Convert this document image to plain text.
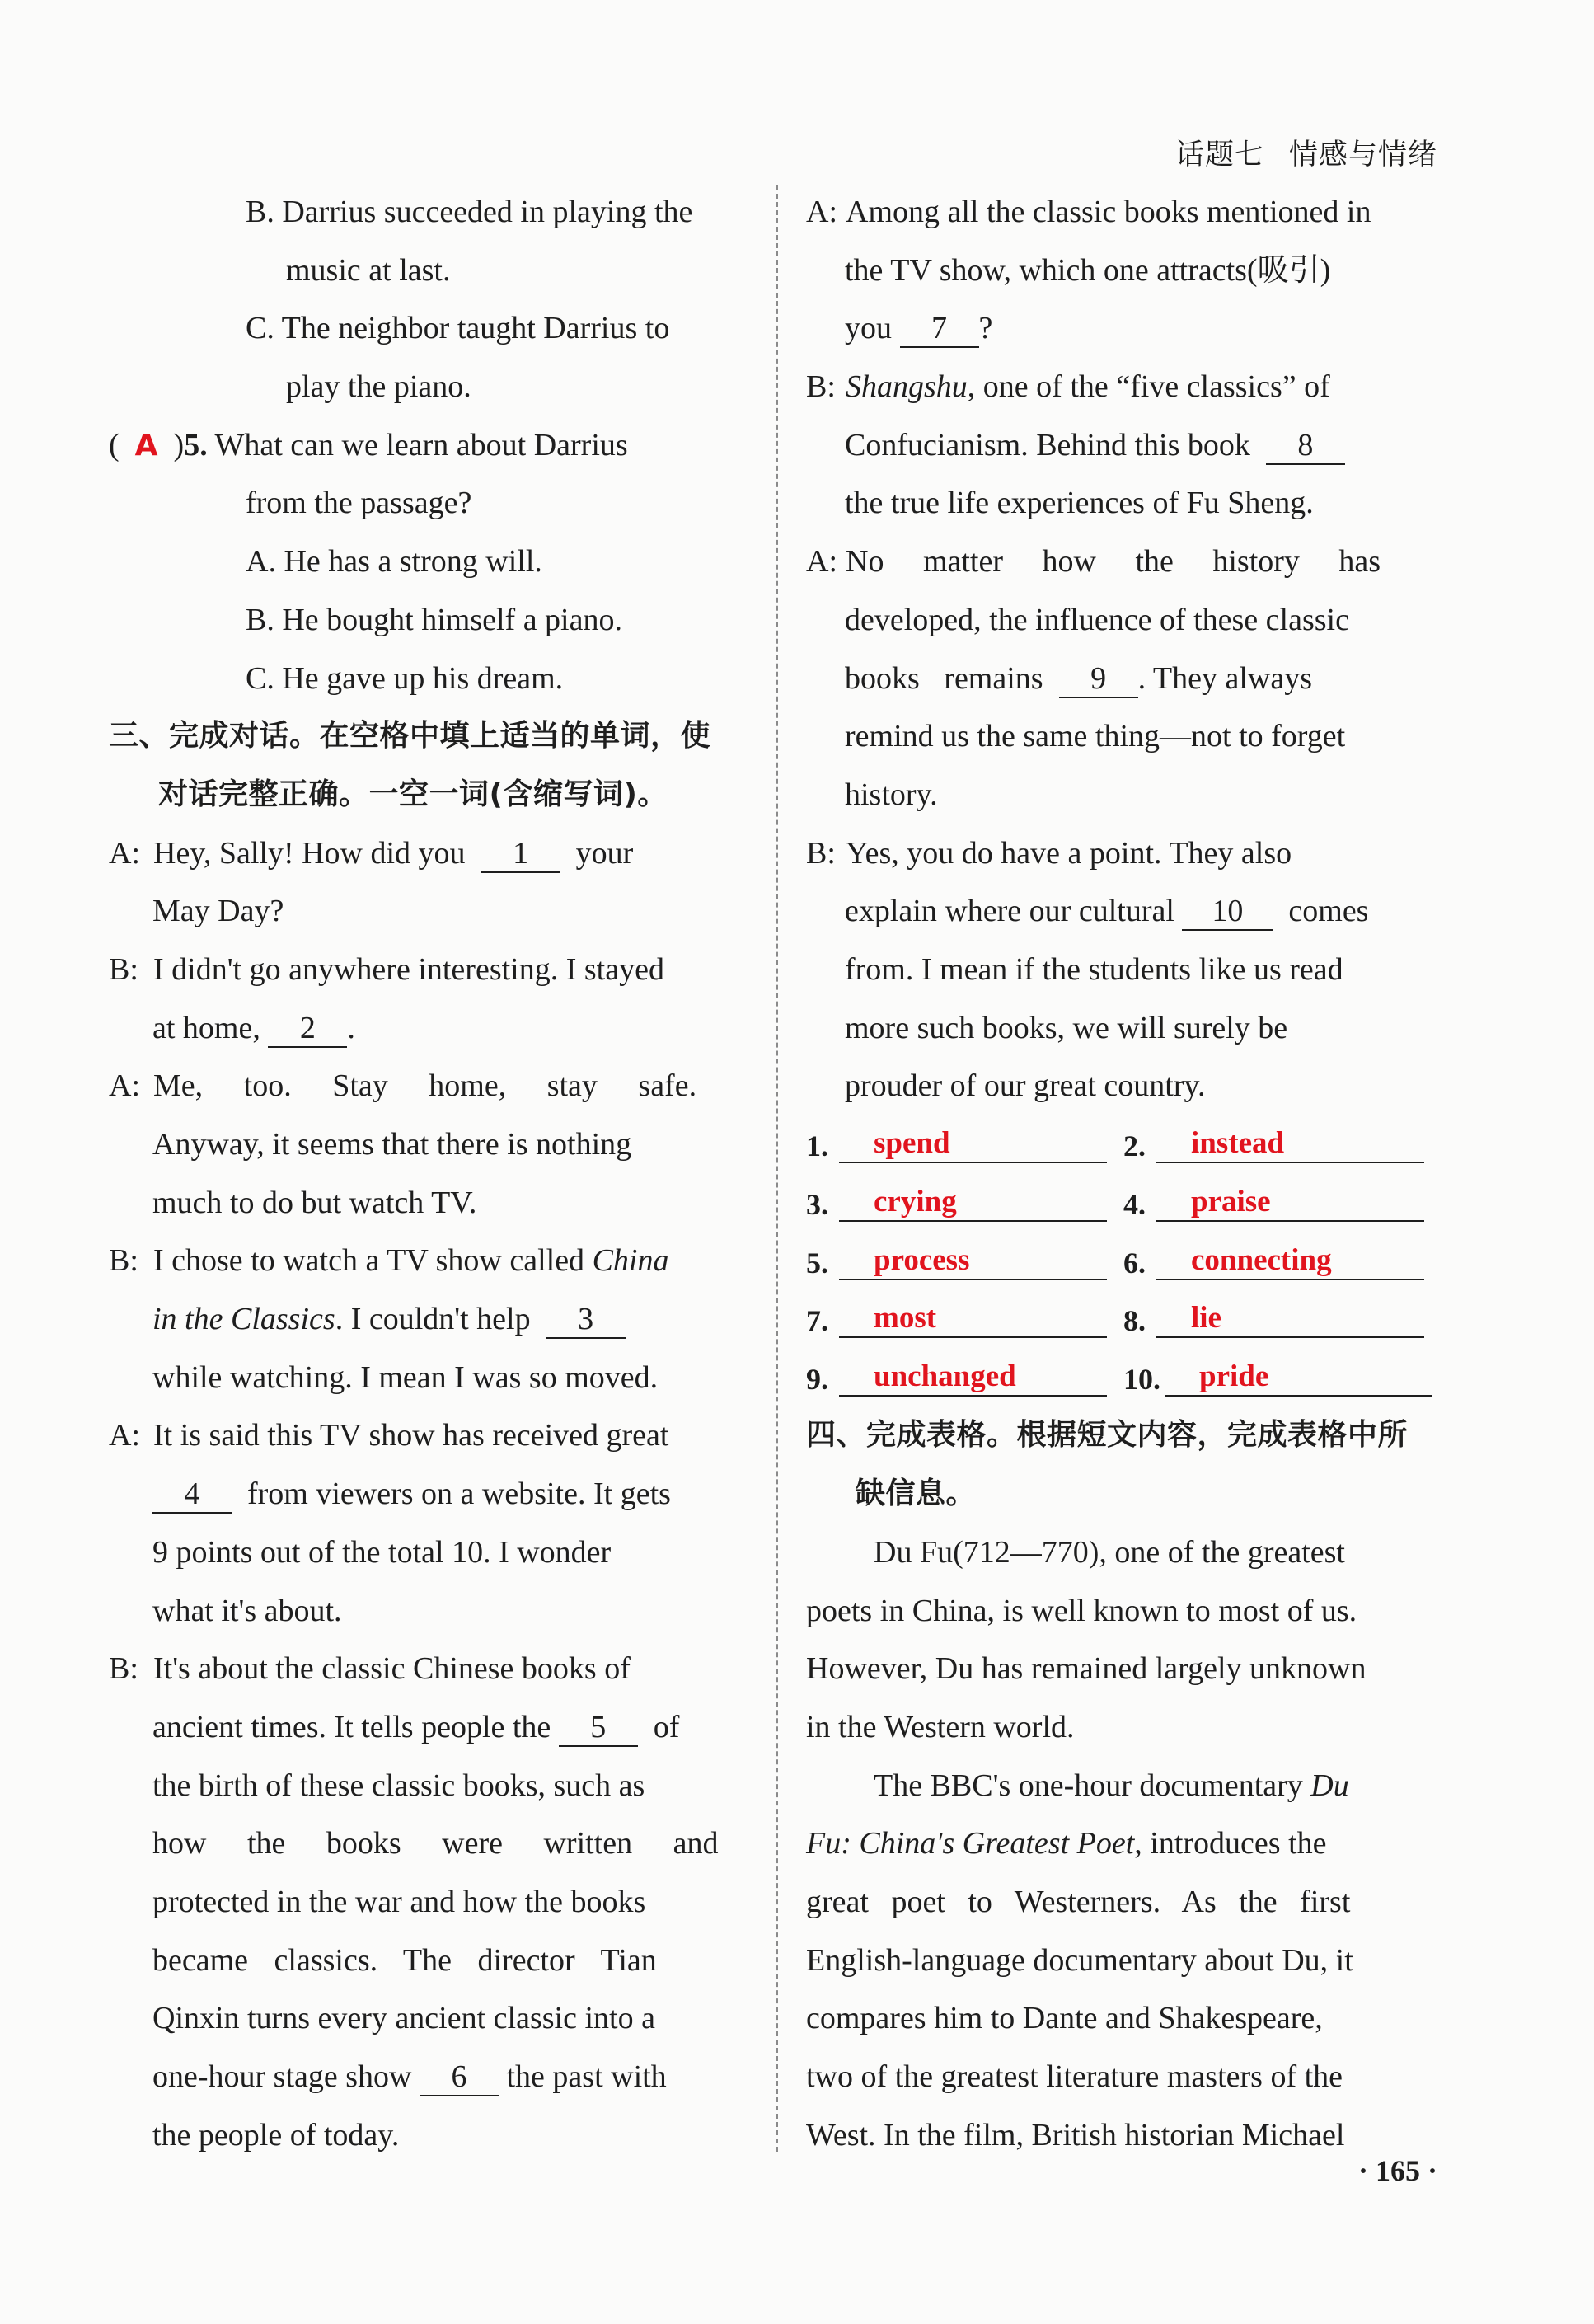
话题七 情感与情绪
B. Darrius succeeded in playing the
music at last.
C. The neighbor taught Darrius to
play the piano.
( A )5. What can we learn about Darrius
from the passage?
A. He has a strong will.
B. He bought himself a piano.
C. He gave up his dream.
三、完成对话。在空格中填上适当的单词，使
对话完整正确。一空一词(含缩写词)。
A: Hey, Sally! How did you 1 your
May Day?
B: I didn't go anywhere interesting. I stayed
at home, 2 .
A: Me, too. Stay home, stay safe.
Anyway, it seems that there is nothing
much to do but watch TV.
B: I chose to watch a TV show called China
in the Classics. I couldn't help 3
while watching. I mean I was so moved.
A: It is said this TV show has received great
4 from viewers on a website. It gets
9 points out of the total 10. I wonder
what it's about.
B: It's about the classic Chinese books of
ancient times. It tells people the 5 of
the birth of these classic books, such as
how the books were written and
protected in the war and how the books
became classics. The director Tian
Qinxin turns every ancient classic into a
one-hour stage show 6 the past with
the people of today.
A: Among all the classic books mentioned in
the TV show, which one attracts(吸引)
you 7 ?
B: Shangshu, one of the “five classics” of
Confucianism. Behind this book 8
the true life experiences of Fu Sheng.
A: No matter how the history has
developed, the influence of these classic
books remains 9 . They always
remind us the same thing—not to forget
history.
B: Yes, you do have a point. They also
explain where our cultural 10 comes
from. I mean if the students like us read
more such books, we will surely be
prouder of our great country.
1.	spend	2.	instead
3.	crying	4.	praise
5.	process	6.	connecting
7.	most	8.	lie
9.	unchanged	10.	pride
四、完成表格。根据短文内容，完成表格中所
缺信息。
Du Fu(712—770), one of the greatest
poets in China, is well known to most of us.
However, Du has remained largely unknown
in the Western world.
The BBC's one-hour documentary Du
Fu: China's Greatest Poet, introduces the
great poet to Westerners. As the first
English-language documentary about Du, it
compares him to Dante and Shakespeare,
two of the greatest literature masters of the
West. In the film, British historian Michael
· 165 ·
